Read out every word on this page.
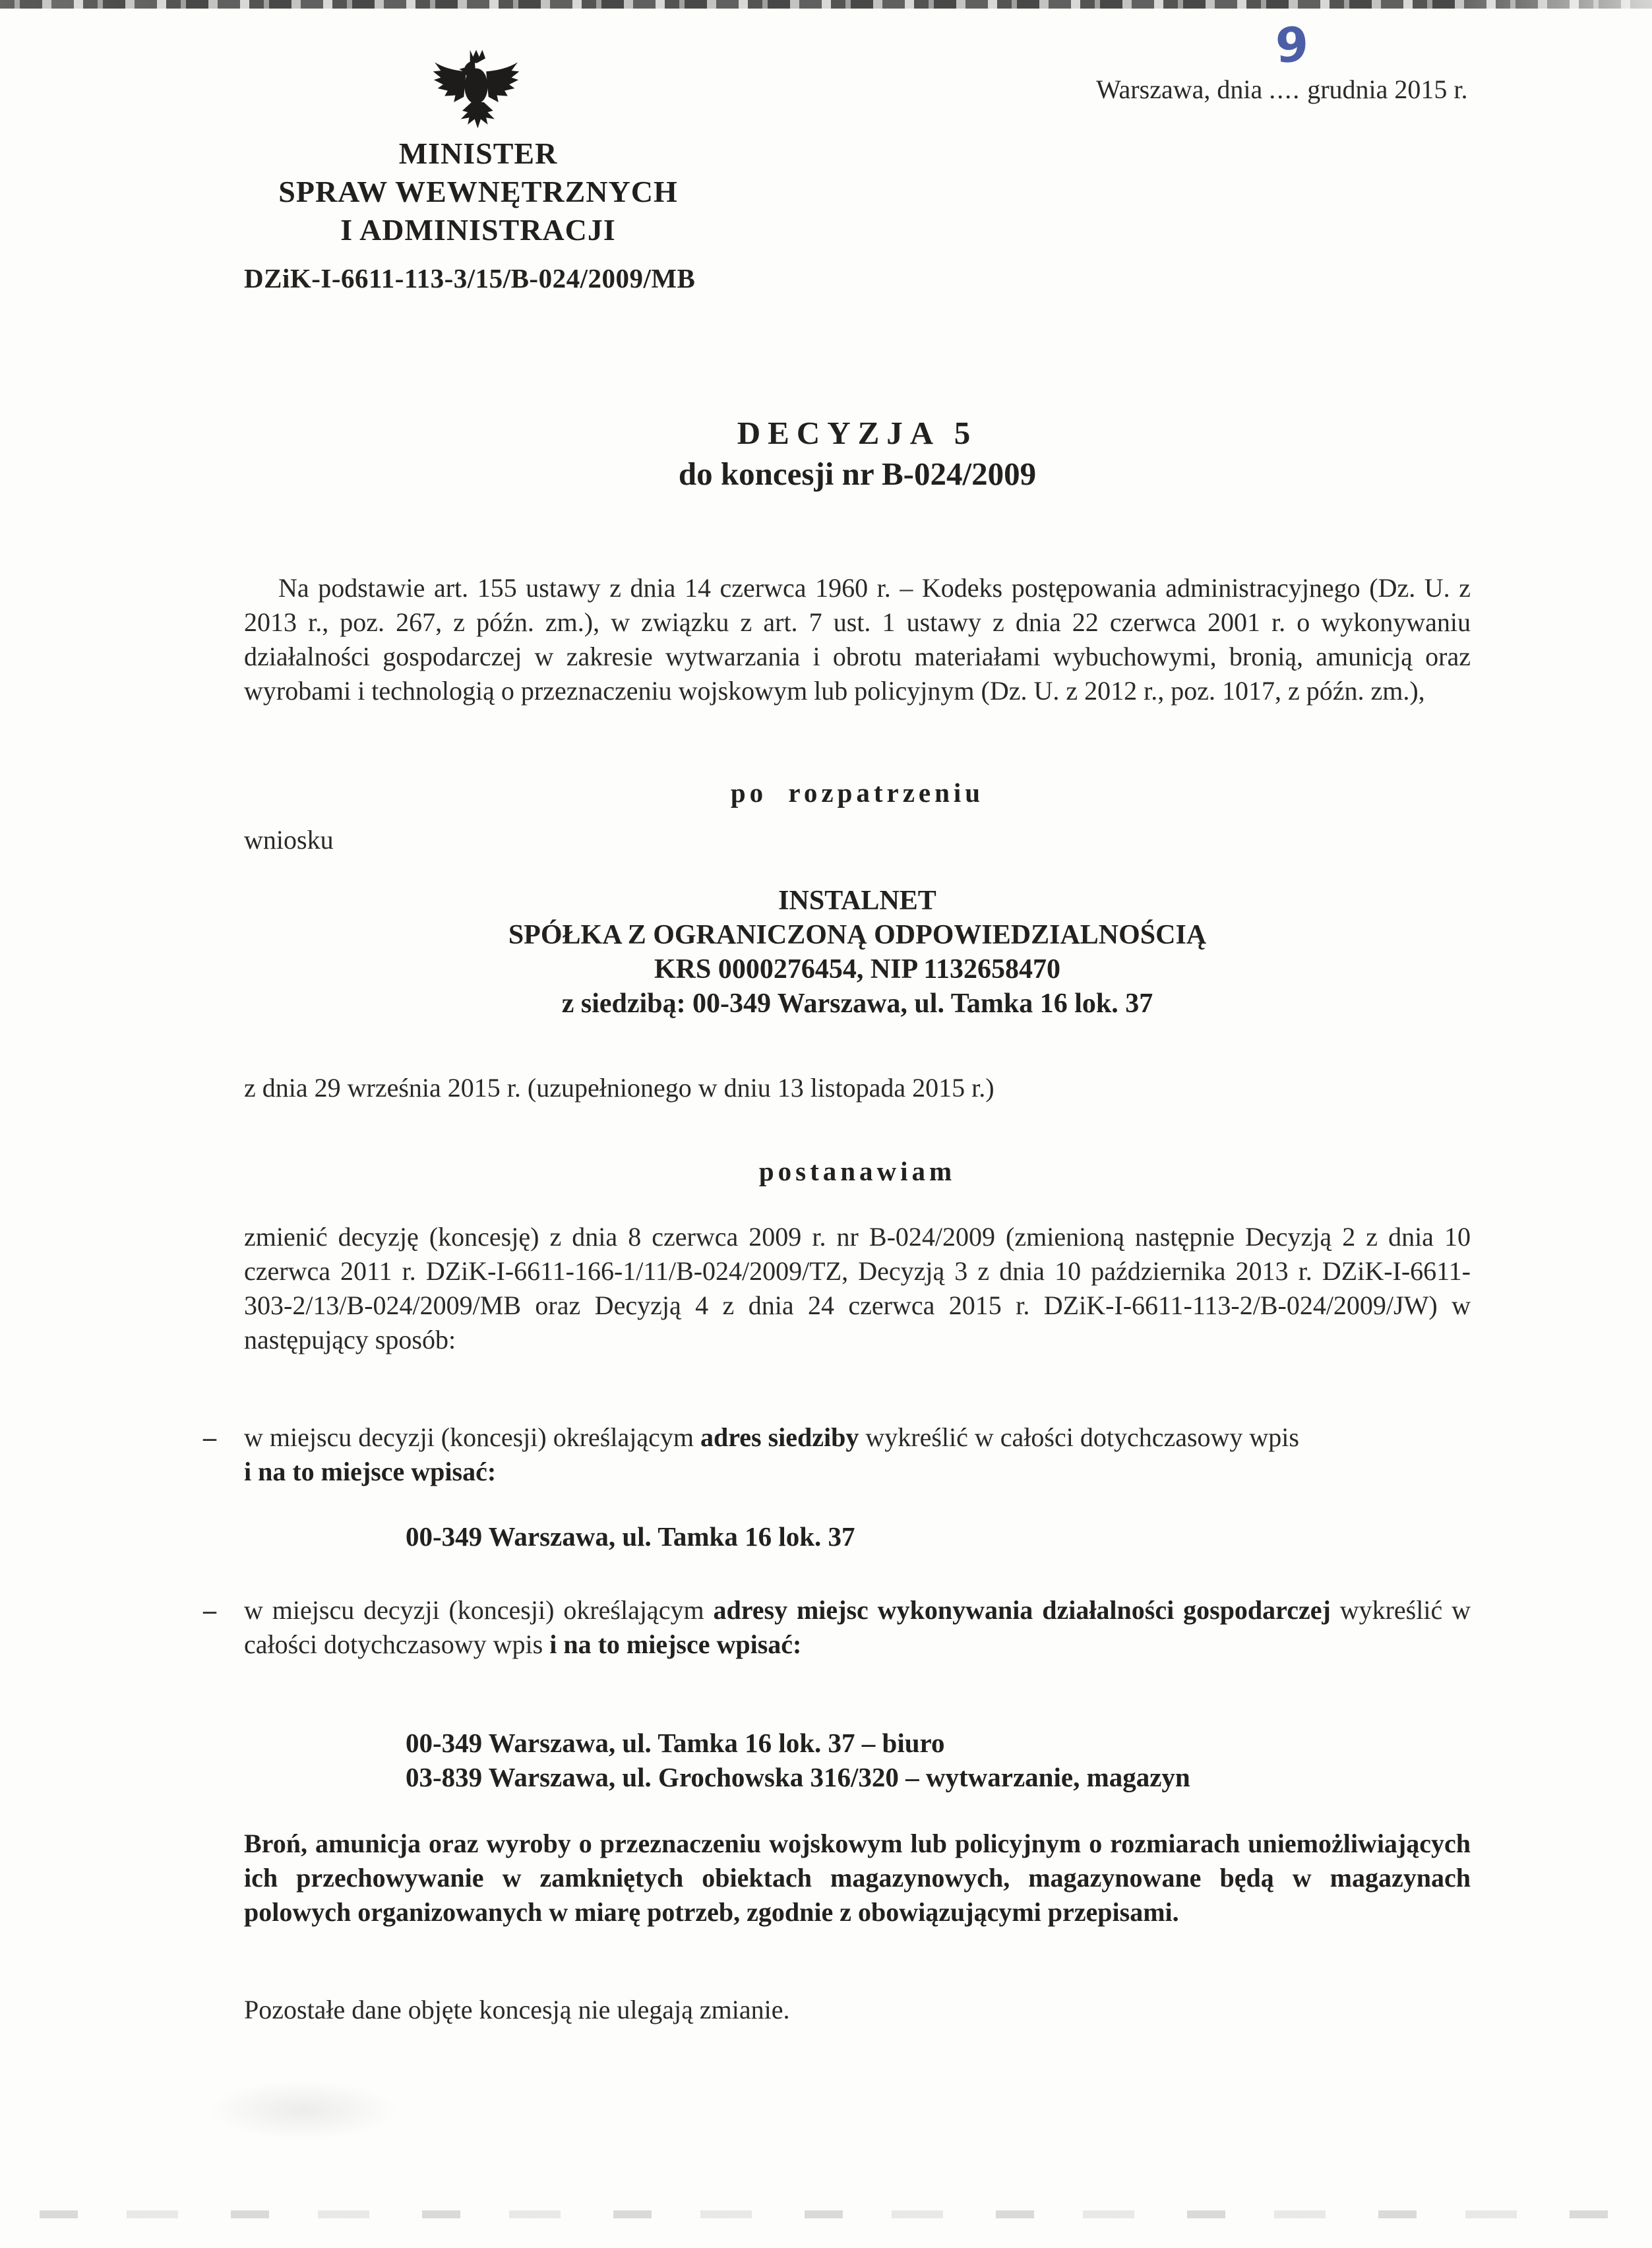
MINISTER

SPRAW WEWNĘTRZNYCH

I ADMINISTRACJI

DZiK-I-6611-113-3/15/B-024/2009/MB
Warszawa, dnia
9
.... grudnia 2015 r.

DECYZJA 5

do koncesji nr B-024/2009

Na podstawie art. 155 ustawy z dnia 14 czerwca 1960 r. – Kodeks postępowania administracyjnego (Dz. U. z 2013 r., poz. 267, z późn. zm.), w związku z art. 7 ust. 1 ustawy z dnia 22 czerwca 2001 r. o wykonywaniu działalności gospodarczej w zakresie wytwarzania i obrotu materiałami wybuchowymi, bronią, amunicją oraz wyrobami i technologią o przeznaczeniu wojskowym lub policyjnym (Dz. U. z 2012 r., poz. 1017, z późn. zm.),
po rozpatrzeniu
wniosku

INSTALNET

SPÓŁKA Z OGRANICZONĄ ODPOWIEDZIALNOŚCIĄ

KRS 0000276454, NIP 1132658470

z siedzibą: 00-349 Warszawa, ul. Tamka 16 lok. 37

z dnia 29 września 2015 r. (uzupełnionego w dniu 13 listopada 2015 r.)
postanawiam
zmienić decyzję (koncesję) z dnia 8 czerwca 2009 r. nr B-024/2009 (zmienioną następnie Decyzją 2 z dnia 10 czerwca 2011 r. DZiK-I-6611-166-1/11/B-024/2009/TZ, Decyzją 3 z dnia 10 października 2013 r. DZiK-I-6611-303-2/13/B-024/2009/MB oraz Decyzją 4 z dnia 24 czerwca 2015 r. DZiK-I-6611-113-2/B-024/2009/JW) w następujący sposób:
– w miejscu decyzji (koncesji) określającym adres siedziby wykreślić w całości dotychczasowy wpis
i na to miejsce wpisać:

00-349 Warszawa, ul. Tamka 16 lok. 37

– w miejscu decyzji (koncesji) określającym adresy miejsc wykonywania działalności gospodarczej wykreślić w całości dotychczasowy wpis i na to miejsce wpisać:

00-349 Warszawa, ul. Tamka 16 lok. 37 – biuro

03-839 Warszawa, ul. Grochowska 316/320 – wytwarzanie, magazyn

Broń, amunicja oraz wyroby o przeznaczeniu wojskowym lub policyjnym o rozmiarach uniemożliwiających ich przechowywanie w zamkniętych obiektach magazynowych, magazynowane będą w magazynach polowych organizowanych w miarę potrzeb, zgodnie z obowiązującymi przepisami.
Pozostałe dane objęte koncesją nie ulegają zmianie.
